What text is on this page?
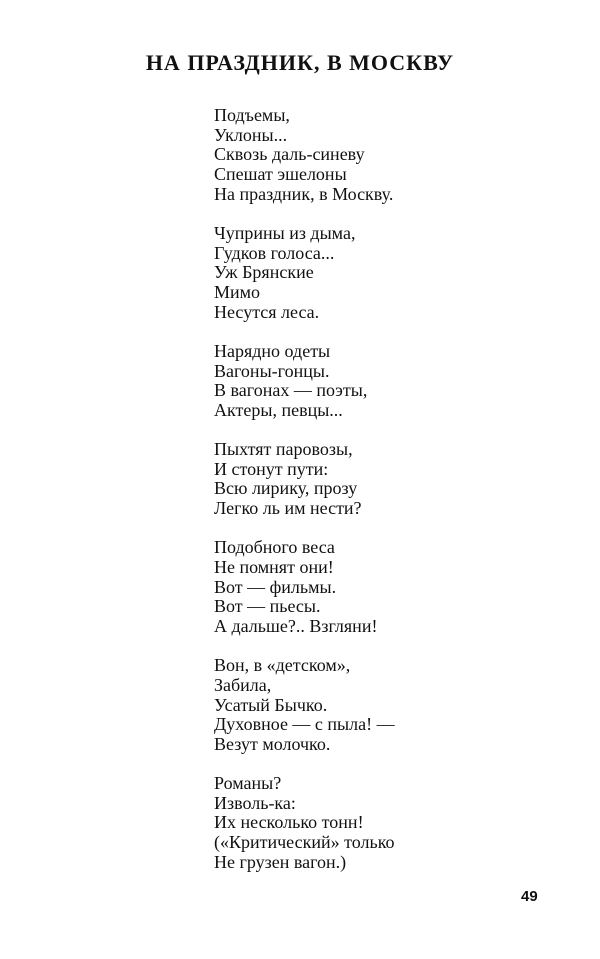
НА ПРАЗДНИК, В МОСКВУ
Подъемы,
Уклоны...
Сквозь даль-синеву
Спешат эшелоны
На праздник, в Москву.
Чуприны из дыма,
Гудков голоса...
Уж Брянские
Мимо
Несутся леса.
Нарядно одеты
Вагоны-гонцы.
В вагонах — поэты,
Актеры, певцы...
Пыхтят паровозы,
И стонут пути:
Всю лирику, прозу
Легко ль им нести?
Подобного веса
Не помнят они!
Вот — фильмы.
Вот — пьесы.
А дальше?.. Взгляни!
Вон, в «детском»,
Забила,
Усатый Бычко.
Духовное — с пыла! —
Везут молочко.
Романы?
Изволь-ка:
Их несколько тонн!
(«Критический» только
Не грузен вагон.)
49
